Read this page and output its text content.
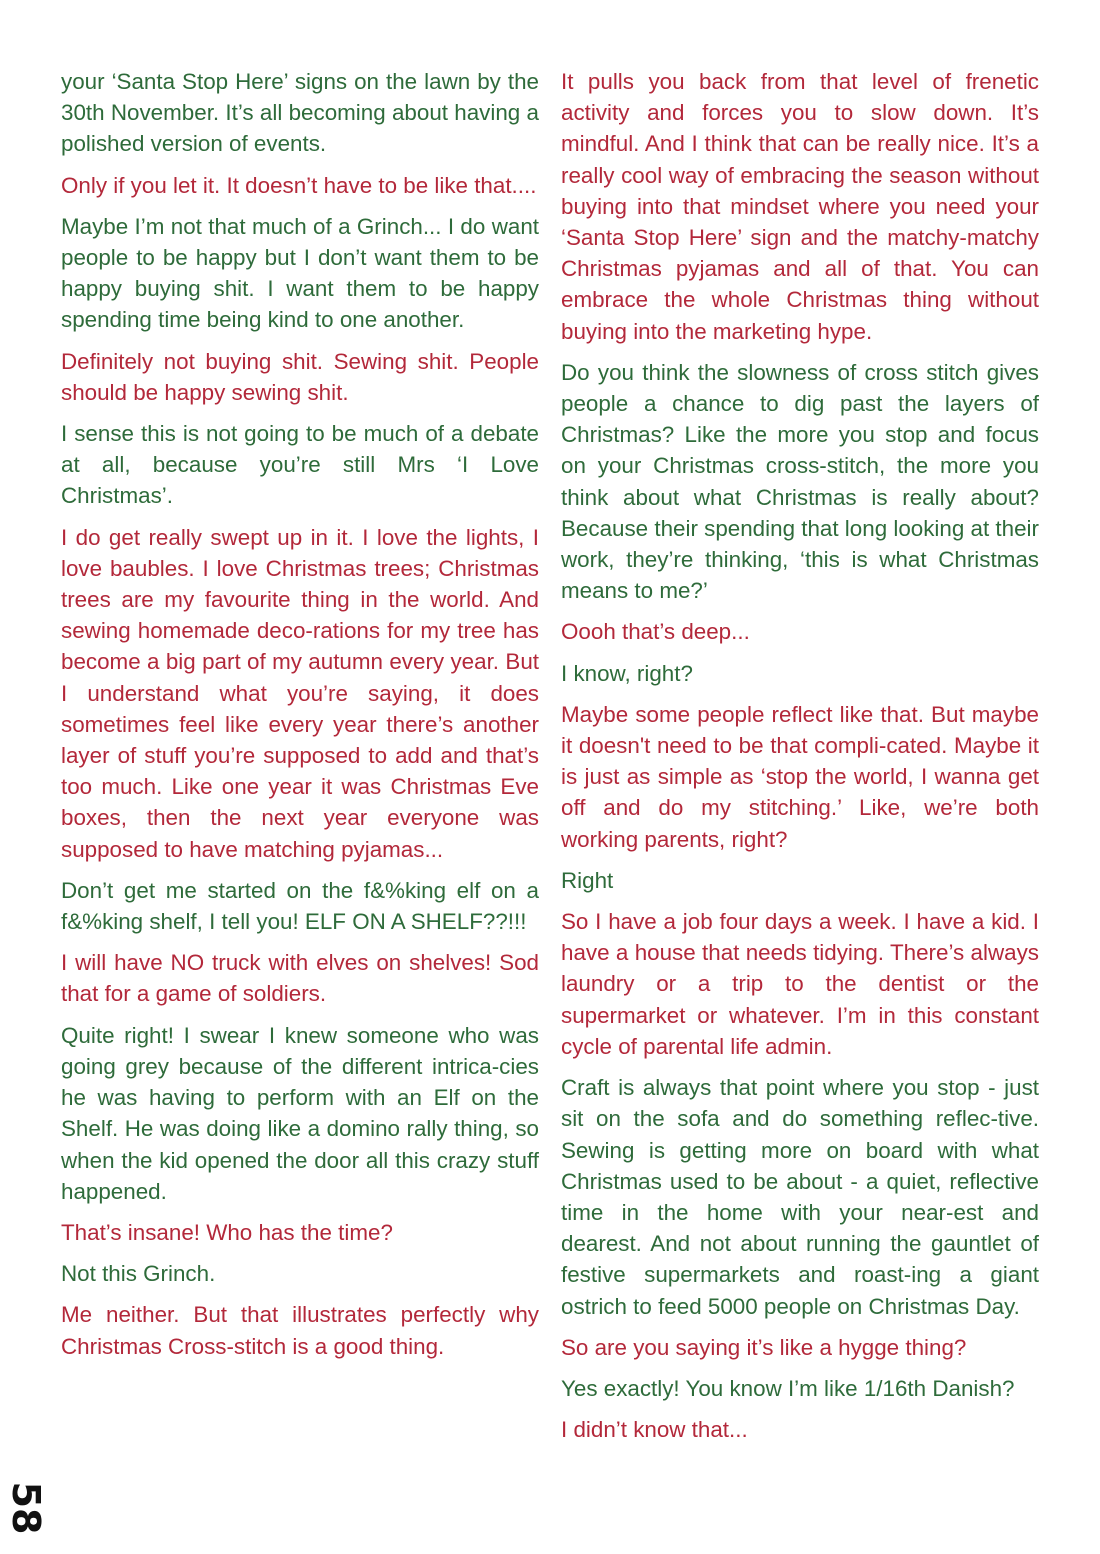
your ‘Santa Stop Here’ signs on the lawn by the 30th November. It’s all becoming about having a polished version of events.

Only if you let it. It doesn’t have to be like that....

Maybe I’m not that much of a Grinch... I do want people to be happy but I don’t want them to be happy buying shit. I want them to be happy spending time being kind to one another.

Definitely not buying shit. Sewing shit. People should be happy sewing shit.

I sense this is not going to be much of a debate at all, because you’re still Mrs ‘I Love Christmas’.

I do get really swept up in it. I love the lights, I love baubles. I love Christmas trees; Christmas trees are my favourite thing in the world. And sewing homemade deco-rations for my tree has become a big part of my autumn every year. But I understand what you’re saying, it does sometimes feel like every year there’s another layer of stuff you’re supposed to add and that’s too much. Like one year it was Christmas Eve boxes, then the next year everyone was supposed to have matching pyjamas...

Don’t get me started on the f&%king elf on a f&%king shelf, I tell you! ELF ON A SHELF??!!!

I will have NO truck with elves on shelves! Sod that for a game of soldiers.

Quite right! I swear I knew someone who was going grey because of the different intrica-cies he was having to perform with an Elf on the Shelf. He was doing like a domino rally thing, so when the kid opened the door all this crazy stuff happened.

That’s insane! Who has the time?

Not this Grinch.

Me neither. But that illustrates perfectly why Christmas Cross-stitch is a good thing.

It pulls you back from that level of frenetic activity and forces you to slow down. It’s mindful. And I think that can be really nice. It’s a really cool way of embracing the season without buying into that mindset where you need your ‘Santa Stop Here’ sign and the matchy-matchy Christmas pyjamas and all of that. You can embrace the whole Christmas thing without buying into the marketing hype.

Do you think the slowness of cross stitch gives people a chance to dig past the layers of Christmas? Like the more you stop and focus on your Christmas cross-stitch, the more you think about what Christmas is really about? Because their spending that long looking at their work, they’re thinking, ‘this is what Christmas means to me?’

Oooh that’s deep...

I know, right?

Maybe some people reflect like that. But maybe it doesn't need to be that compli-cated. Maybe it is just as simple as ‘stop the world, I wanna get off and do my stitching.’ Like, we’re both working parents, right?

Right

So I have a job four days a week. I have a kid. I have a house that needs tidying. There’s always laundry or a trip to the dentist or the supermarket or whatever. I’m in this constant cycle of parental life admin.

Craft is always that point where you stop - just sit on the sofa and do something reflec-tive. Sewing is getting more on board with what Christmas used to be about - a quiet, reflective time in the home with your near-est and dearest. And not about running the gauntlet of festive supermarkets and roast-ing a giant ostrich to feed 5000 people on Christmas Day.

So are you saying it’s like a hygge thing?

Yes exactly! You know I’m like 1/16th Danish?

I didn’t know that...

58
